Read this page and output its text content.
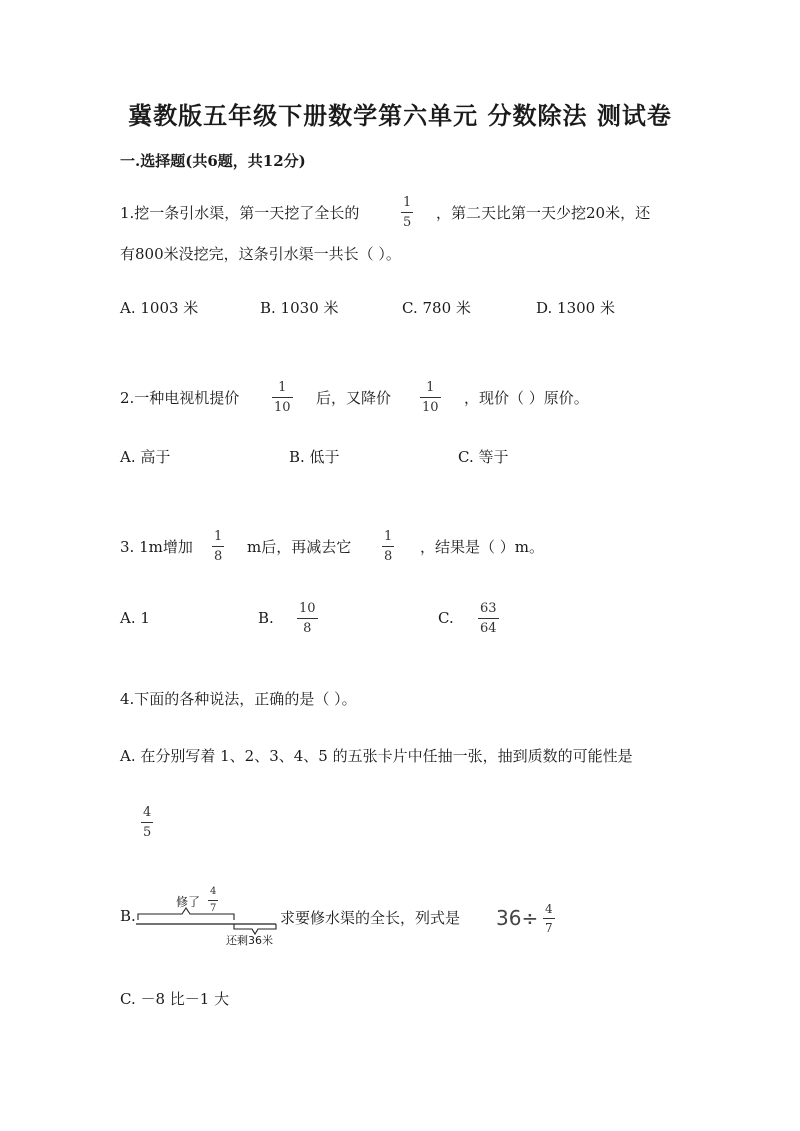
冀教版五年级下册数学第六单元 分数除法 测试卷
一.选择题(共6题，共12分)
1.挖一条引水渠，第一天挖了全长的
1
5
，第二天比第一天少挖20米，还
有800米没挖完，这条引水渠一共长（ ）。
A. 1003 米	B. 1030 米	C. 780 米	D. 1300 米
2.一种电视机提价
1
10
后，又降价
1
10
，现价（ ）原价。
A. 高于	B. 低于	C. 等于
3. 1m增加
1
8
m后，再减去它
1
8
，结果是（ ）m。
A. 1	B.
10
8
C.
63
64
4.下面的各种说法，正确的是（ ）。
A. 在分别写着 1、2、3、4、5 的五张卡片中任抽一张，抽到质数的可能性是
4
5
B.
修了
4
7
还剩36米
求要修水渠的全长，列式是 36÷ 4
7
C. －8 比－1 大
